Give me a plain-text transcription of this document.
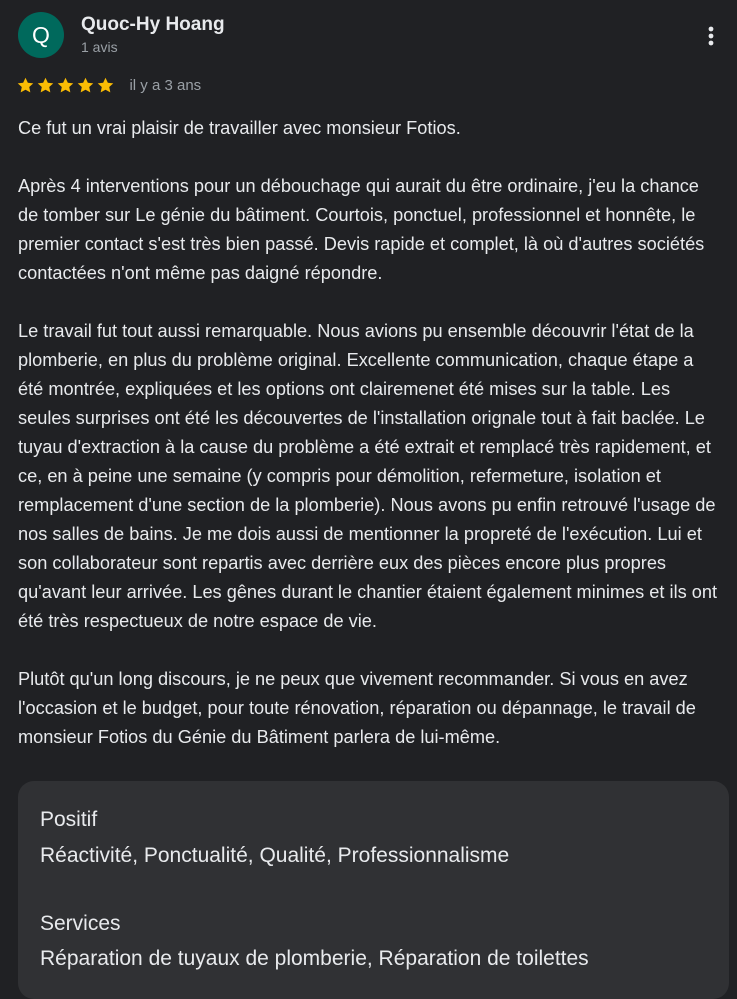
Q	Quoc-Hy Hoang
1 avis
il y a 3 ans

Ce fut un vrai plaisir de travailler avec monsieur Fotios.

Après 4 interventions pour un débouchage qui aurait du être ordinaire, j'eu la chance de tomber sur Le génie du bâtiment. Courtois, ponctuel, professionnel et honnête, le premier contact s'est très bien passé. Devis rapide et complet, là où d'autres sociétés contactées n'ont même pas daigné répondre.

Le travail fut tout aussi remarquable. Nous avions pu ensemble découvrir l'état de la plomberie, en plus du problème original. Excellente communication, chaque étape a été montrée, expliquées et les options ont clairemenet été mises sur la table. Les seules surprises ont été les découvertes de l'installation orignale tout à fait baclée. Le tuyau d'extraction à la cause du problème a été extrait et remplacé très rapidement, et ce, en à peine une semaine (y compris pour démolition, refermeture, isolation et remplacement d'une section de la plomberie). Nous avons pu enfin retrouvé l'usage de nos salles de bains. Je me dois aussi de mentionner la propreté de l'exécution. Lui et son collaborateur sont repartis avec derrière eux des pièces encore plus propres qu'avant leur arrivée. Les gênes durant le chantier étaient également minimes et ils ont été très respectueux de notre espace de vie.

Plutôt qu'un long discours, je ne peux que vivement recommander. Si vous en avez l'occasion et le budget, pour toute rénovation, réparation ou dépannage, le travail de monsieur Fotios du Génie du Bâtiment parlera de lui-même.

Positif
Réactivité, Ponctualité, Qualité, Professionnalisme
Services
Réparation de tuyaux de plomberie, Réparation de toilettes
